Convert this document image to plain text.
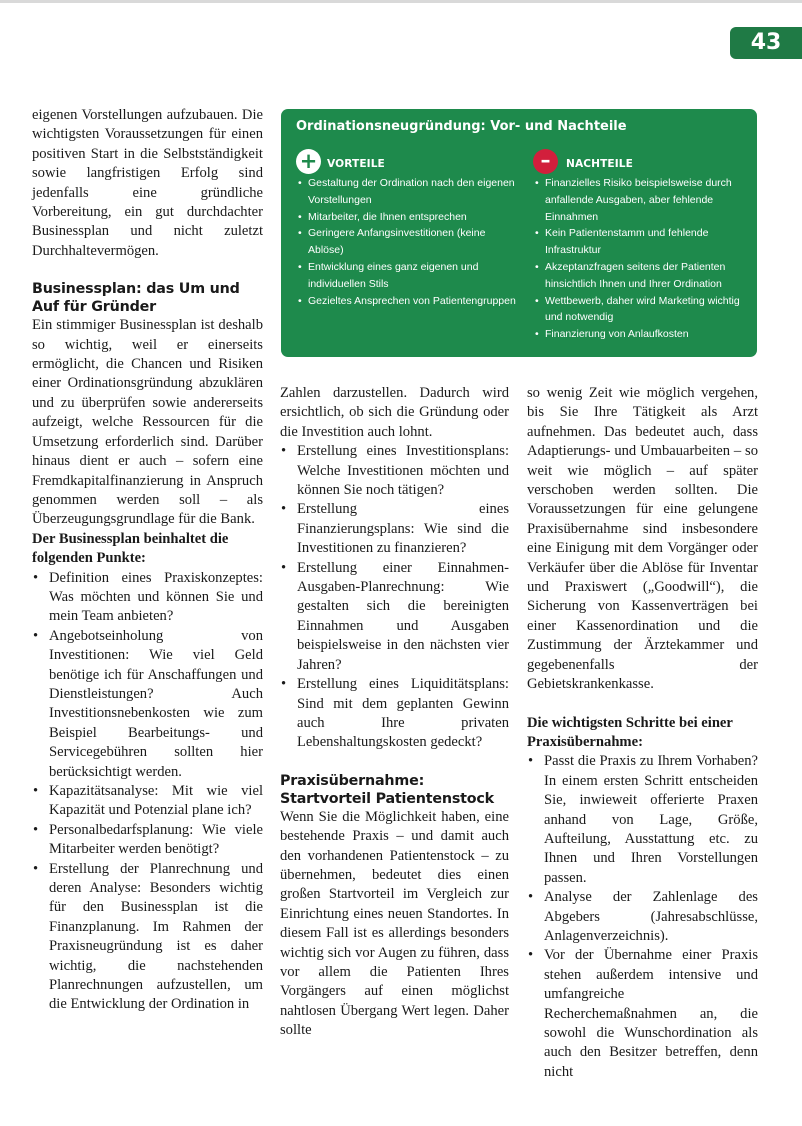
43

eigenen Vorstellungen aufzubauen. Die wichtigsten Voraussetzungen für einen positiven Start in die Selbstständigkeit sowie langfristigen Erfolg sind jedenfalls eine gründliche Vorbereitung, ein gut durchdachter Businessplan und nicht zuletzt Durchhaltevermögen.

Businessplan: das Um und Auf für Gründer

Ein stimmiger Businessplan ist deshalb so wichtig, weil er einerseits ermöglicht, die Chancen und Risiken einer Ordinationsgründung abzuklären und zu überprüfen sowie andererseits aufzeigt, welche Ressourcen für die Umsetzung erforderlich sind. Darüber hinaus dient er auch – sofern eine Fremdkapitalfinanzierung in Anspruch genommen werden soll – als Überzeugungsgrundlage für die Bank.

Der Businessplan beinhaltet die folgenden Punkte:

• Definition eines Praxiskonzeptes: Was möchten und können Sie und mein Team anbieten?
• Angebotseinholung von Investitionen: Wie viel Geld benötige ich für Anschaffungen und Dienstleistungen? Auch Investitionsnebenkosten wie zum Beispiel Bearbeitungs- und Servicegebühren sollten hier berücksichtigt werden.
• Kapazitätsanalyse: Mit wie viel Kapazität und Potenzial plane ich?
• Personalbedarfsplanung: Wie viele Mitarbeiter werden benötigt?
• Erstellung der Planrechnung und deren Analyse: Besonders wichtig für den Businessplan ist die Finanzplanung. Im Rahmen der Praxisneugründung ist es daher wichtig, die nachstehenden Planrechnungen aufzustellen, um die Entwicklung der Ordination in
Ordinationsneugründung: Vor- und Nachteile
+ VORTEILE
• Gestaltung der Ordination nach den eigenen Vorstellungen
• Mitarbeiter, die Ihnen entsprechen
• Geringere Anfangsinvestitionen (keine Ablöse)
• Entwicklung eines ganz eigenen und individuellen Stils
• Gezieltes Ansprechen von Patientengruppen
–	NACHTEILE
• Finanzielles Risiko beispielsweise durch anfallende Ausgaben, aber fehlende Einnahmen
• Kein Patientenstamm und fehlende Infrastruktur
• Akzeptanzfragen seitens der Patienten hinsichtlich Ihnen und Ihrer Ordination
• Wettbewerb, daher wird Marketing wichtig und notwendig
• Finanzierung von Anlaufkosten

Zahlen darzustellen. Dadurch wird ersichtlich, ob sich die Gründung oder die Investition auch lohnt.

• Erstellung eines Investitionsplans: Welche Investitionen möchten und können Sie noch tätigen?
• Erstellung eines Finanzierungsplans: Wie sind die Investitionen zu finanzieren?
• Erstellung einer Einnahmen-Ausgaben-Planrechnung: Wie gestalten sich die bereinigten Einnahmen und Ausgaben beispielsweise in den nächsten vier Jahren?
• Erstellung eines Liquiditätsplans: Sind mit dem geplanten Gewinn auch Ihre privaten Lebenshaltungskosten gedeckt?
Praxisübernahme: Startvorteil Patientenstock

Wenn Sie die Möglichkeit haben, eine bestehende Praxis – und damit auch den vorhandenen Patientenstock – zu übernehmen, bedeutet dies einen großen Startvorteil im Vergleich zur Einrichtung eines neuen Standortes. In diesem Fall ist es allerdings besonders wichtig sich vor Augen zu führen, dass vor allem die Patienten Ihres Vorgängers auf einen möglichst nahtlosen Übergang Wert legen. Daher sollte

so wenig Zeit wie möglich vergehen, bis Sie Ihre Tätigkeit als Arzt aufnehmen. Das bedeutet auch, dass Adaptierungs- und Umbauarbeiten – so weit wie möglich – auf später verschoben werden sollten. Die Voraussetzungen für eine gelungene Praxisübernahme sind insbesondere eine Einigung mit dem Vorgänger oder Verkäufer über die Ablöse für Inventar und Praxiswert („Goodwill“), die Sicherung von Kassenverträgen bei einer Kassenordination und die Zustimmung der Ärztekammer und gegebenenfalls der Gebietskrankenkasse.

Die wichtigsten Schritte bei einer Praxisübernahme:

• Passt die Praxis zu Ihrem Vorhaben? In einem ersten Schritt entscheiden Sie, inwieweit offerierte Praxen anhand von Lage, Größe, Aufteilung, Ausstattung etc. zu Ihnen und Ihren Vorstellungen passen.
• Analyse der Zahlenlage des Abgebers (Jahresabschlüsse, Anlagenverzeichnis).
• Vor der Übernahme einer Praxis stehen außerdem intensive und umfangreiche Recherchemaßnahmen an, die sowohl die Wunschordination als auch den Besitzer betreffen, denn nicht
